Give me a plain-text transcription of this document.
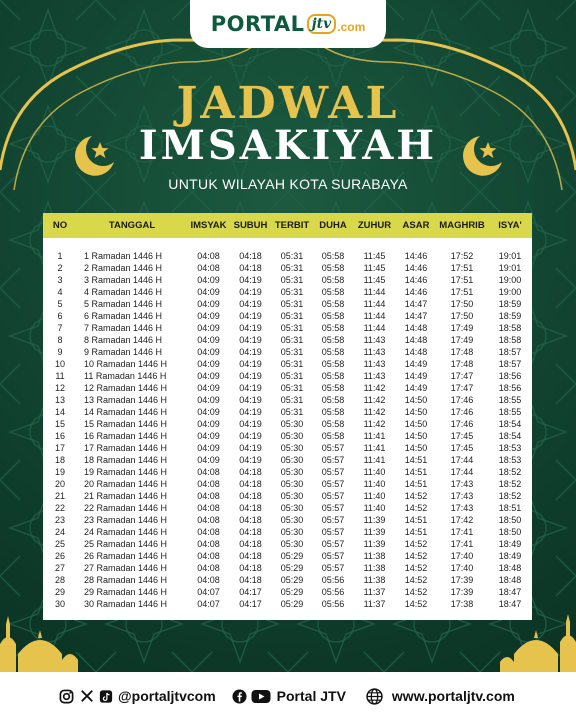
PORTAL jtv .com
JADWAL
IMSAKIYAH
UNTUK WILAYAH KOTA SURABAYA
NO	TANGGAL	IMSYAK	SUBUH	TERBIT	DUHA	ZUHUR	ASAR	MAGHRIB	ISYA'

1	1 Ramadan 1446 H	04:08	04:18	05:31	05:58	11:45	14:46	17:52	19:01
2	2 Ramadan 1446 H	04:08	04:18	05:31	05:58	11:45	14:46	17:51	19:01
3	3 Ramadan 1446 H	04:09	04:19	05:31	05:58	11:45	14:46	17:51	19:00
4	4 Ramadan 1446 H	04:09	04:19	05:31	05:58	11:44	14:46	17:51	19:00
5	5 Ramadan 1446 H	04:09	04:19	05:31	05:58	11:44	14:47	17:50	18:59
6	6 Ramadan 1446 H	04:09	04:19	05:31	05:58	11:44	14:47	17:50	18:59
7	7 Ramadan 1446 H	04:09	04:19	05:31	05:58	11:44	14:48	17:49	18:58
8	8 Ramadan 1446 H	04:09	04:19	05:31	05:58	11:43	14:48	17:49	18:58
9	9 Ramadan 1446 H	04:09	04:19	05:31	05:58	11:43	14:48	17:48	18:57
10	10 Ramadan 1446 H	04:09	04:19	05:31	05:58	11:43	14:49	17:48	18:57
11	11 Ramadan 1446 H	04:09	04:19	05:31	05:58	11:43	14:49	17:47	18:56
12	12 Ramadan 1446 H	04:09	04:19	05:31	05:58	11:42	14:49	17:47	18:56
13	13 Ramadan 1446 H	04:09	04:19	05:31	05:58	11:42	14:50	17:46	18:55
14	14 Ramadan 1446 H	04:09	04:19	05:31	05:58	11:42	14:50	17:46	18:55
15	15 Ramadan 1446 H	04:09	04:19	05:30	05:58	11:42	14:50	17:46	18:54
16	16 Ramadan 1446 H	04:09	04:19	05:30	05:58	11:41	14:50	17:45	18:54
17	17 Ramadan 1446 H	04:09	04:19	05:30	05:57	11:41	14:50	17:45	18:53
18	18 Ramadan 1446 H	04:09	04:19	05:30	05:57	11:41	14:51	17:44	18:53
19	19 Ramadan 1446 H	04:08	04:18	05:30	05:57	11:40	14:51	17:44	18:52
20	20 Ramadan 1446 H	04:08	04:18	05:30	05:57	11:40	14:51	17:43	18:52
21	21 Ramadan 1446 H	04:08	04:18	05:30	05:57	11:40	14:52	17:43	18:52
22	22 Ramadan 1446 H	04:08	04:18	05:30	05:57	11:40	14:52	17:43	18:51
23	23 Ramadan 1446 H	04:08	04:18	05:30	05:57	11:39	14:51	17:42	18:50
24	24 Ramadan 1446 H	04:08	04:18	05:30	05:57	11:39	14:51	17:41	18:50
25	25 Ramadan 1446 H	04:08	04:18	05:30	05:57	11:39	14:52	17:41	18:49
26	26 Ramadan 1446 H	04:08	04:18	05:29	05:57	11:38	14:52	17:40	18:49
27	27 Ramadan 1446 H	04:08	04:18	05:29	05:57	11:38	14:52	17:40	18:48
28	28 Ramadan 1446 H	04:08	04:18	05:29	05:56	11:38	14:52	17:39	18:48
29	29 Ramadan 1446 H	04:07	04:17	05:29	05:56	11:37	14:52	17:39	18:47
30	30 Ramadan 1446 H	04:07	04:17	05:29	05:56	11:37	14:52	17:38	18:47
@portaljtvcom	Portal JTV	www.portaljtv.com
